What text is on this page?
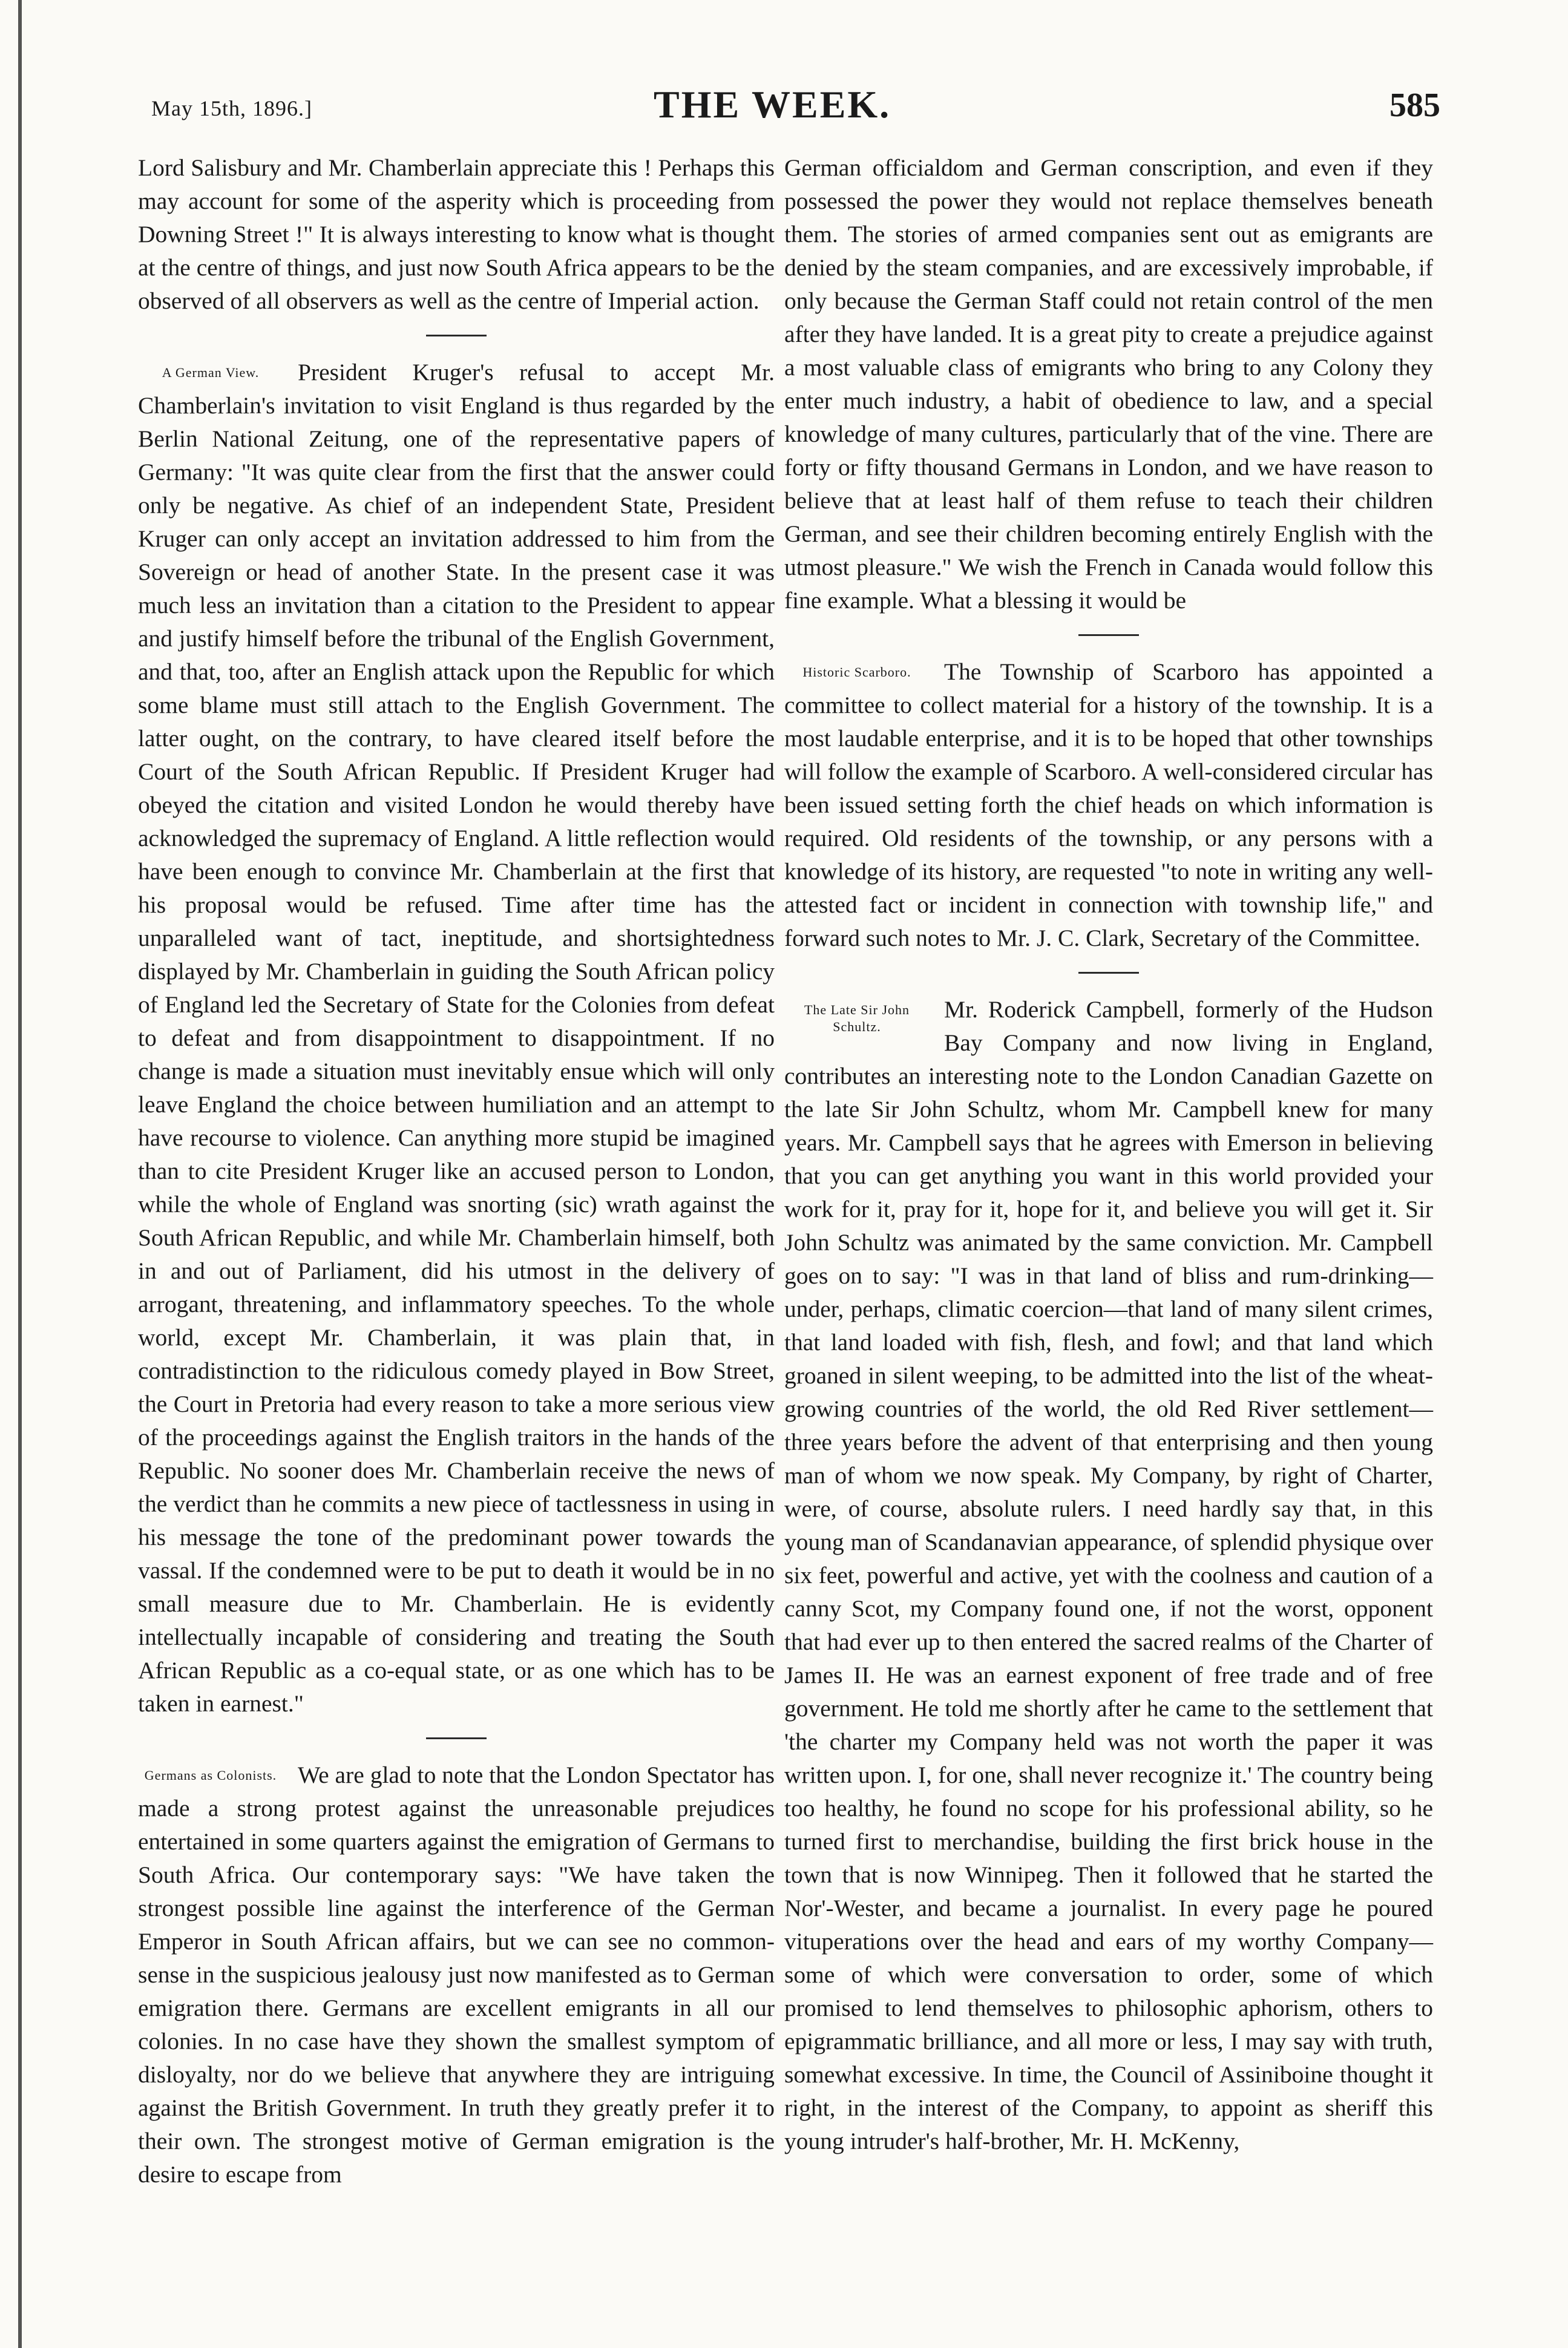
May 15th, 1896.]	THE WEEK.	585

Lord Salisbury and Mr. Chamberlain appreciate this ! Perhaps this may account for some of the asperity which is proceeding from Downing Street !" It is always interesting to know what is thought at the centre of things, and just now South Africa appears to be the observed of all observers as well as the centre of Imperial action.

A German View.	President Kruger's refusal to accept Mr. Chamberlain's invitation to visit England is thus regarded by the Berlin National Zeitung, one of the representative papers of Germany: "It was quite clear from the first that the answer could only be negative. As chief of an independent State, President Kruger can only accept an invitation addressed to him from the Sovereign or head of another State. In the present case it was much less an invitation than a citation to the President to appear and justify himself before the tribunal of the English Government, and that, too, after an English attack upon the Republic for which some blame must still attach to the English Government. The latter ought, on the contrary, to have cleared itself before the Court of the South African Republic. If President Kruger had obeyed the citation and visited London he would thereby have acknowledged the supremacy of England. A little reflection would have been enough to convince Mr. Chamberlain at the first that his proposal would be refused. Time after time has the unparalleled want of tact, ineptitude, and shortsightedness displayed by Mr. Chamberlain in guiding the South African policy of England led the Secretary of State for the Colonies from defeat to defeat and from disappointment to disappointment. If no change is made a situation must inevitably ensue which will only leave England the choice between humiliation and an attempt to have recourse to violence. Can anything more stupid be imagined than to cite President Kruger like an accused person to London, while the whole of England was snorting (sic) wrath against the South African Republic, and while Mr. Chamberlain himself, both in and out of Parliament, did his utmost in the delivery of arrogant, threatening, and inflammatory speeches. To the whole world, except Mr. Chamberlain, it was plain that, in contradistinction to the ridiculous comedy played in Bow Street, the Court in Pretoria had every reason to take a more serious view of the proceedings against the English traitors in the hands of the Republic. No sooner does Mr. Chamberlain receive the news of the verdict than he commits a new piece of tactlessness in using in his message the tone of the predominant power towards the vassal. If the condemned were to be put to death it would be in no small measure due to Mr. Chamberlain. He is evidently intellectually incapable of considering and treating the South African Republic as a co-equal state, or as one which has to be taken in earnest."

Germans as Colonists. We are glad to note that the London Spectator has made a strong protest against the unreasonable prejudices entertained in some quarters against the emigration of Germans to South Africa. Our contemporary says: "We have taken the strongest possible line against the interference of the German Emperor in South African affairs, but we can see no common-sense in the suspicious jealousy just now manifested as to German emigration there. Germans are excellent emigrants in all our colonies. In no case have they shown the smallest symptom of disloyalty, nor do we believe that anywhere they are intriguing against the British Government. In truth they greatly prefer it to their own. The strongest motive of German emigration is the desire to escape from

German officialdom and German conscription, and even if they possessed the power they would not replace themselves beneath them. The stories of armed companies sent out as emigrants are denied by the steam companies, and are excessively improbable, if only because the German Staff could not retain control of the men after they have landed. It is a great pity to create a prejudice against a most valuable class of emigrants who bring to any Colony they enter much industry, a habit of obedience to law, and a special knowledge of many cultures, particularly that of the vine. There are forty or fifty thousand Germans in London, and we have reason to believe that at least half of them refuse to teach their children German, and see their children becoming entirely English with the utmost pleasure." We wish the French in Canada would follow this fine example. What a blessing it would be

Historic Scarboro.	The Township of Scarboro has appointed a committee to collect material for a history of the township. It is a most laudable enterprise, and it is to be hoped that other townships will follow the example of Scarboro. A well-considered circular has been issued setting forth the chief heads on which information is required. Old residents of the township, or any persons with a knowledge of its history, are requested "to note in writing any well-attested fact or incident in connection with township life," and forward such notes to Mr. J. C. Clark, Secretary of the Committee.

The Late Sir John Schultz.

Mr. Roderick Campbell, formerly of the Hudson Bay Company and now living in England, contributes an interesting note to the London Canadian Gazette on the late Sir John Schultz, whom Mr. Campbell knew for many years. Mr. Campbell says that he agrees with Emerson in believing that you can get anything you want in this world provided your work for it, pray for it, hope for it, and believe you will get it. Sir John Schultz was animated by the same conviction. Mr. Campbell goes on to say: "I was in that land of bliss and rum-drinking—under, perhaps, climatic coercion—that land of many silent crimes, that land loaded with fish, flesh, and fowl; and that land which groaned in silent weeping, to be admitted into the list of the wheat-growing countries of the world, the old Red River settlement—three years before the advent of that enterprising and then young man of whom we now speak. My Company, by right of Charter, were, of course, absolute rulers. I need hardly say that, in this young man of Scandanavian appearance, of splendid physique over six feet, powerful and active, yet with the coolness and caution of a canny Scot, my Company found one, if not the worst, opponent that had ever up to then entered the sacred realms of the Charter of James II. He was an earnest exponent of free trade and of free government. He told me shortly after he came to the settlement that 'the charter my Company held was not worth the paper it was written upon. I, for one, shall never recognize it.' The country being too healthy, he found no scope for his professional ability, so he turned first to merchandise, building the first brick house in the town that is now Winnipeg. Then it followed that he started the Nor'-Wester, and became a journalist. In every page he poured vituperations over the head and ears of my worthy Company—some of which were conversation to order, some of which promised to lend themselves to philosophic aphorism, others to epigrammatic brilliance, and all more or less, I may say with truth, somewhat excessive. In time, the Council of Assiniboine thought it right, in the interest of the Company, to appoint as sheriff this young intruder's half-brother, Mr. H. McKenny,
